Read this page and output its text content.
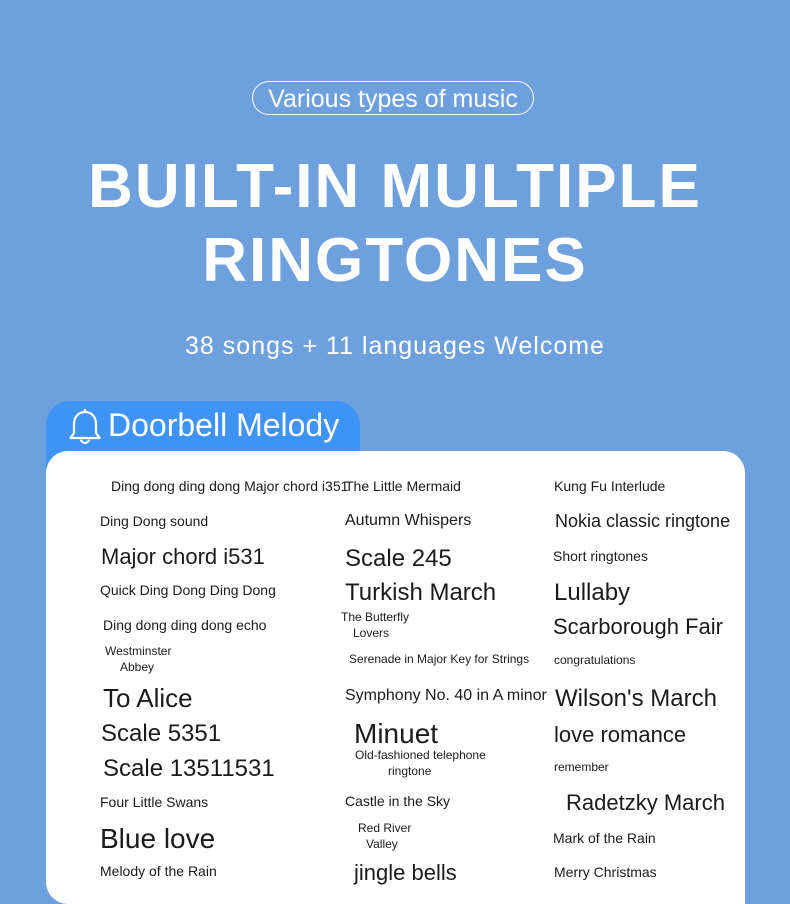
Various types of music
BUILT-IN MULTIPLE
RINGTONES
38 songs + 11 languages Welcome
Doorbell Melody
Ding dong ding dong Major chord i351
Ding Dong sound
Major chord i531
Quick Ding Dong Ding Dong
Ding dong ding dong echo
Westminster
Abbey
To Alice
Scale 5351
Scale 13511531
Four Little Swans
Blue love
Melody of the Rain
The Little Mermaid
Autumn Whispers
Scale 245
Turkish March
The Butterfly
Lovers
Serenade in Major Key for Strings
Symphony No. 40 in A minor
Minuet
Old-fashioned telephone
ringtone
Castle in the Sky
Red River
Valley
jingle bells
Kung Fu Interlude
Nokia classic ringtone
Short ringtones
Lullaby
Scarborough Fair
congratulations
Wilson's March
love romance
remember
Radetzky March
Mark of the Rain
Merry Christmas
